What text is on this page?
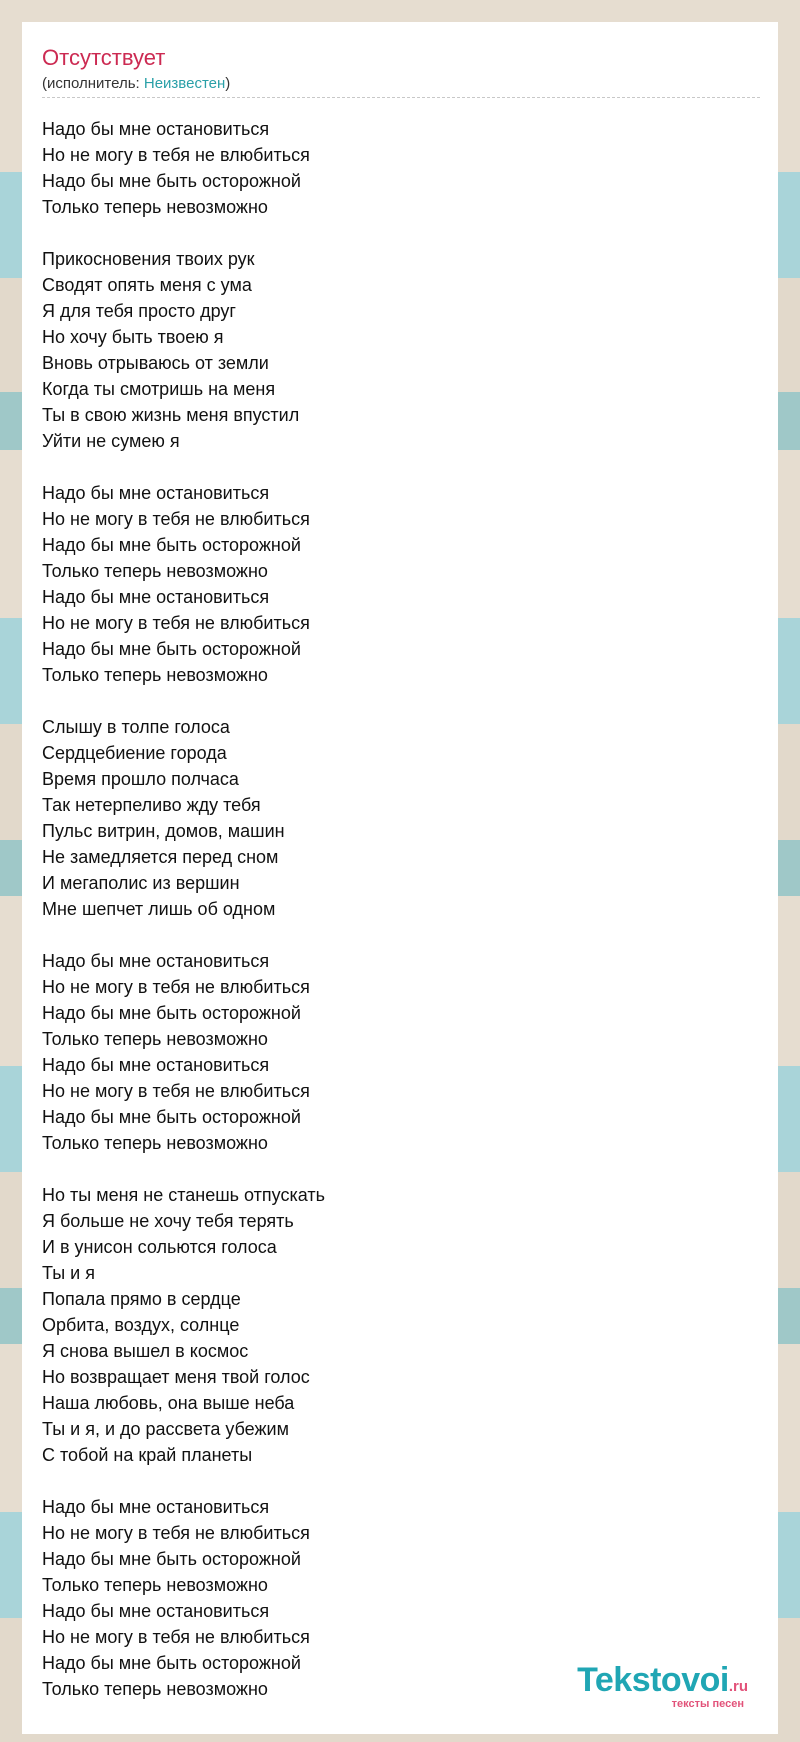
Отсутствует
(исполнитель: Неизвестен)
Надо бы мне остановиться
Но не могу в тебя не влюбиться
Надо бы мне быть осторожной
Только теперь невозможно
Прикосновения твоих рук
Сводят опять меня с ума
Я для тебя просто друг
Но хочу быть твоею я
Вновь отрываюсь от земли
Когда ты смотришь на меня
Ты в свою жизнь меня впустил
Уйти не сумею я
Надо бы мне остановиться
Но не могу в тебя не влюбиться
Надо бы мне быть осторожной
Только теперь невозможно
Надо бы мне остановиться
Но не могу в тебя не влюбиться
Надо бы мне быть осторожной
Только теперь невозможно
Слышу в толпе голоса
Сердцебиение города
Время прошло полчаса
Так нетерпеливо жду тебя
Пульс витрин, домов, машин
Не замедляется перед сном
И мегаполис из вершин
Мне шепчет лишь об одном
Надо бы мне остановиться
Но не могу в тебя не влюбиться
Надо бы мне быть осторожной
Только теперь невозможно
Надо бы мне остановиться
Но не могу в тебя не влюбиться
Надо бы мне быть осторожной
Только теперь невозможно
Но ты меня не станешь отпускать
Я больше не хочу тебя терять
И в унисон сольются голоса
Ты и я
Попала прямо в сердце
Орбита, воздух, солнце
Я снова вышел в космос
Но возвращает меня твой голос
Наша любовь, она выше неба
Ты и я, и до рассвета убежим
С тобой на край планеты
Надо бы мне остановиться
Но не могу в тебя не влюбиться
Надо бы мне быть осторожной
Только теперь невозможно
Надо бы мне остановиться
Но не могу в тебя не влюбиться
Надо бы мне быть осторожной
Только теперь невозможно	Tekstovoi.ru
тексты песен
